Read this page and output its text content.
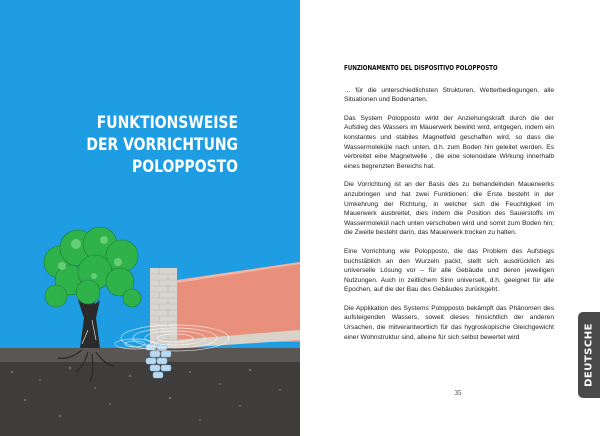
FUNKTIONSWEISE
DER VORRICHTUNG
POLOPPOSTO
FUNZIONAMENTO DEL DISPOSITIVO POLOPPOSTO

… für die unterschiedlichsten Strukturen, Wetterbedingungen, alle Situationen und Bodenarten.

Das System Polopposto wirkt der Anziehungskraft durch die der Aufstieg des Wassers im Mauerwerk bewirkt wird, entgegen, indem ein konstantes und stabiles Magnetfeld geschaffen wird, so dass die Wassermoleküle nach unten, d.h. zum Boden hin geleitet werden. Es verbreitet eine Magnetwelle , die eine solenoidale Wirkung innerhalb eines begrenzten Bereichs hat.

Die Vorrichtung ist an der Basis des zu behandelnden Mauerwerks anzubringen und hat zwei Funktionen: die Erste besteht in der Umkehrung der Richtung, in welcher sich die Feuchtigkeit im Mauerwerk ausbreitet, dies indem die Position des Sauerstoffs im Wassermolekül nach unten verschoben wird und somit zum Boden hin; die Zweite besteht darin, das Mauerwerk trocken zu halten.

Eine Vorrichtung wie Polopposto, die das Problem des Aufstiegs buchstäblich an den Wurzeln packt, stellt sich ausdrücklich als universelle Lösung vor – für alle Gebäude und deren jeweiligen Nutzungen. Auch in zeitlichem Sinn universell, d.h. geeignet für alle Epochen, auf die der Bau des Gebäudes zurückgeht.

Die Applikation des Systems Polopposto bekämpft das Phänomen des aufsteigenden Wassers, soweit dieses hinsichtlich der anderen Ursachen, die mitverantwortlich für das hygroskopische Gleichgewicht einer Wohnstruktur sind, alleine für sich selbst bewertet wird

35
DEUTSCHE
